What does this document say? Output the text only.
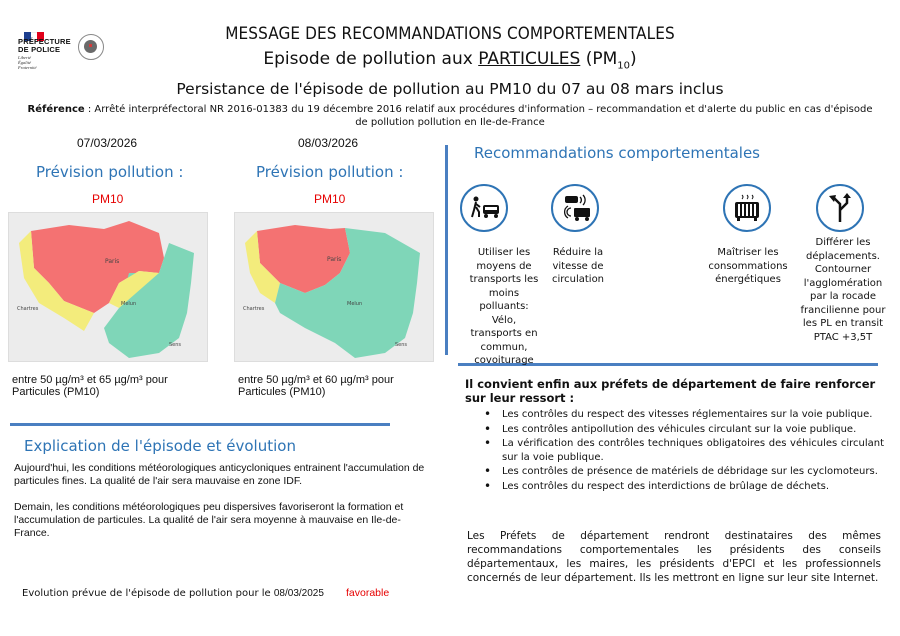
PRÉFECTURE
DE POLICE
Liberté
Égalité
Fraternité
MESSAGE DES RECOMMANDATIONS COMPORTEMENTALES
Episode de pollution aux PARTICULES $(PM_{10})$
Persistance de l'épisode de pollution au PM10 du 07 au 08 mars inclus
Référence : Arrêté interpréfectoral NR 2016-01383 du 19 décembre 2016 relatif aux procédures d'information – recommandation et d'alerte du public en cas d'épisode de pollution pollution en Ile-de-France
07/03/2026
Prévision pollution :
PM10
Paris
Chartres
Melun
Sens
entre 50 µg/m³ et 65 µg/m³ pour Particules (PM10)
08/03/2026
Prévision pollution :
PM10
Paris
Chartres
Melun
Sens
entre 50 µg/m³ et 60 µg/m³ pour Particules (PM10)
Explication de l'épisode et évolution
Aujourd'hui, les conditions météorologiques anticycloniques entrainent l'accumulation de particules fines. La qualité de l'air sera mauvaise en zone IDF.
Demain, les conditions météorologiques peu dispersives favoriseront la formation et l'accumulation de particules. La qualité de l'air sera moyenne à mauvaise en Ile-de-France.
Evolution prévue de l'épisode de pollution pour le 08/03/2025 favorable
Recommandations comportementales
Utiliser les moyens de transports les moins polluants: Vélo, transports en commun, covoiturage
Réduire la vitesse de circulation
Maîtriser les consommations énergétiques
Différer les déplacements. Contourner l'agglomération par la rocade francilienne pour les PL en transit PTAC +3,5T
Il convient enfin aux préfets de département de faire renforcer sur leur ressort :
• Les contrôles du respect des vitesses réglementaires sur la voie publique.
• Les contrôles antipollution des véhicules circulant sur la voie publique.
• La vérification des contrôles techniques obligatoires des véhicules circulant sur la voie publique.
• Les contrôles de présence de matériels de débridage sur les cyclomoteurs.
• Les contrôles du respect des interdictions de brûlage de déchets.
Les Préfets de département rendront destinataires des mêmes recommandations comportementales les présidents des conseils départementaux, les maires, les présidents d'EPCI et les professionnels concernés de leur département. Ils les mettront en ligne sur leur site Internet.
